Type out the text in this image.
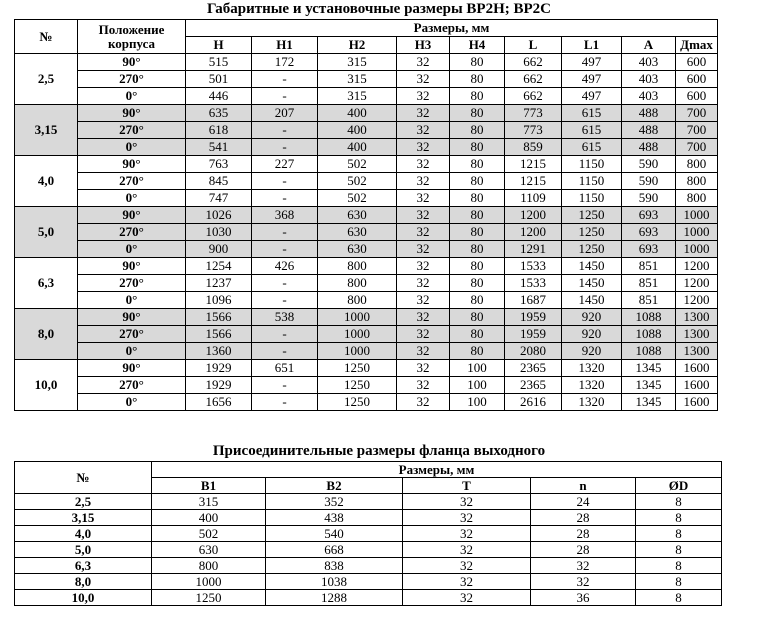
Габаритные и установочные размеры ВР2Н; ВР2С
№	Положение корпуса	Размеры, мм								
		H	H1	H2	H3	H4	L	L1	A	Дmax
2,5	90°	515	172	315	32	80	662	497	403	600
	270°	501	-	315	32	80	662	497	403	600
	0°	446	-	315	32	80	662	497	403	600
3,15	90°	635	207	400	32	80	773	615	488	700
	270°	618	-	400	32	80	773	615	488	700
	0°	541	-	400	32	80	859	615	488	700
4,0	90°	763	227	502	32	80	1215	1150	590	800
	270°	845	-	502	32	80	1215	1150	590	800
	0°	747	-	502	32	80	1109	1150	590	800
5,0	90°	1026	368	630	32	80	1200	1250	693	1000
	270°	1030	-	630	32	80	1200	1250	693	1000
	0°	900	-	630	32	80	1291	1250	693	1000
6,3	90°	1254	426	800	32	80	1533	1450	851	1200
	270°	1237	-	800	32	80	1533	1450	851	1200
	0°	1096	-	800	32	80	1687	1450	851	1200
8,0	90°	1566	538	1000	32	80	1959	920	1088	1300
	270°	1566	-	1000	32	80	1959	920	1088	1300
	0°	1360	-	1000	32	80	2080	920	1088	1300
10,0	90°	1929	651	1250	32	100	2365	1320	1345	1600
	270°	1929	-	1250	32	100	2365	1320	1345	1600
	0°	1656	-	1250	32	100	2616	1320	1345	1600
Присоединительные размеры фланца выходного
№	Размеры, мм				
	B1	B2	T	n	ØD
2,5	315	352	32	24	8
3,15	400	438	32	28	8
4,0	502	540	32	28	8
5,0	630	668	32	28	8
6,3	800	838	32	32	8
8,0	1000	1038	32	32	8
10,0	1250	1288	32	36	8
